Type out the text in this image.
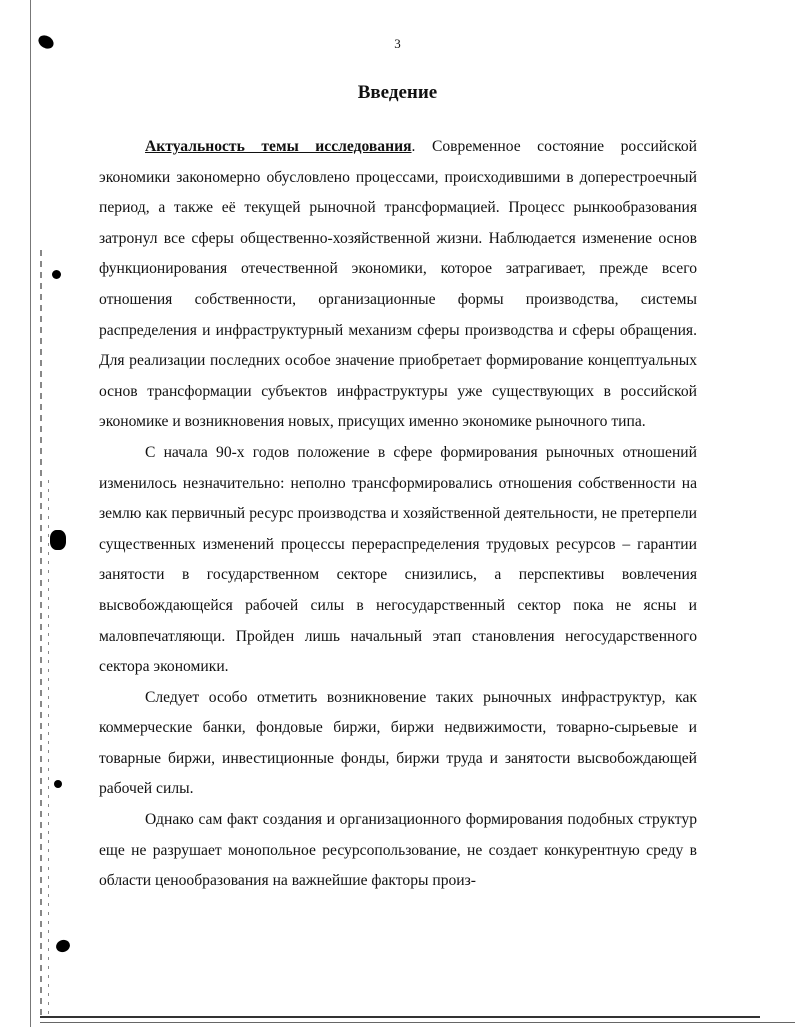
3
Введение

Актуальность темы исследования. Современное состояние российской экономики закономерно обусловлено процессами, происходившими в доперестроечный период, а также её текущей рыночной трансформацией. Процесс рынкообразования затронул все сферы общественно-хозяйственной жизни. Наблюдается изменение основ функционирования отечественной экономики, которое затрагивает, прежде всего отношения собственности, организационные формы производства, системы распределения и инфраструктурный механизм сферы производства и сферы обращения. Для реализации последних особое значение приобретает формирование концептуальных основ трансформации субъектов инфраструктуры уже существующих в российской экономике и возникновения новых, присущих именно экономике рыночного типа.

С начала 90-х годов положение в сфере формирования рыночных отношений изменилось незначительно: неполно трансформировались отношения собственности на землю как первичный ресурс производства и хозяйственной деятельности, не претерпели существенных изменений процессы перераспределения трудовых ресурсов – гарантии занятости в государственном секторе снизились, а перспективы вовлечения высвобождающейся рабочей силы в негосударственный сектор пока не ясны и маловпечатляющи. Пройден лишь начальный этап становления негосударственного сектора экономики.

Следует особо отметить возникновение таких рыночных инфраструктур, как коммерческие банки, фондовые биржи, биржи недвижимости, товарно-сырьевые и товарные биржи, инвестиционные фонды, биржи труда и занятости высвобождающей рабочей силы.

Однако сам факт создания и организационного формирования подобных структур еще не разрушает монопольное ресурсопользование, не создает конкурентную среду в области ценообразования на важнейшие факторы произ-
